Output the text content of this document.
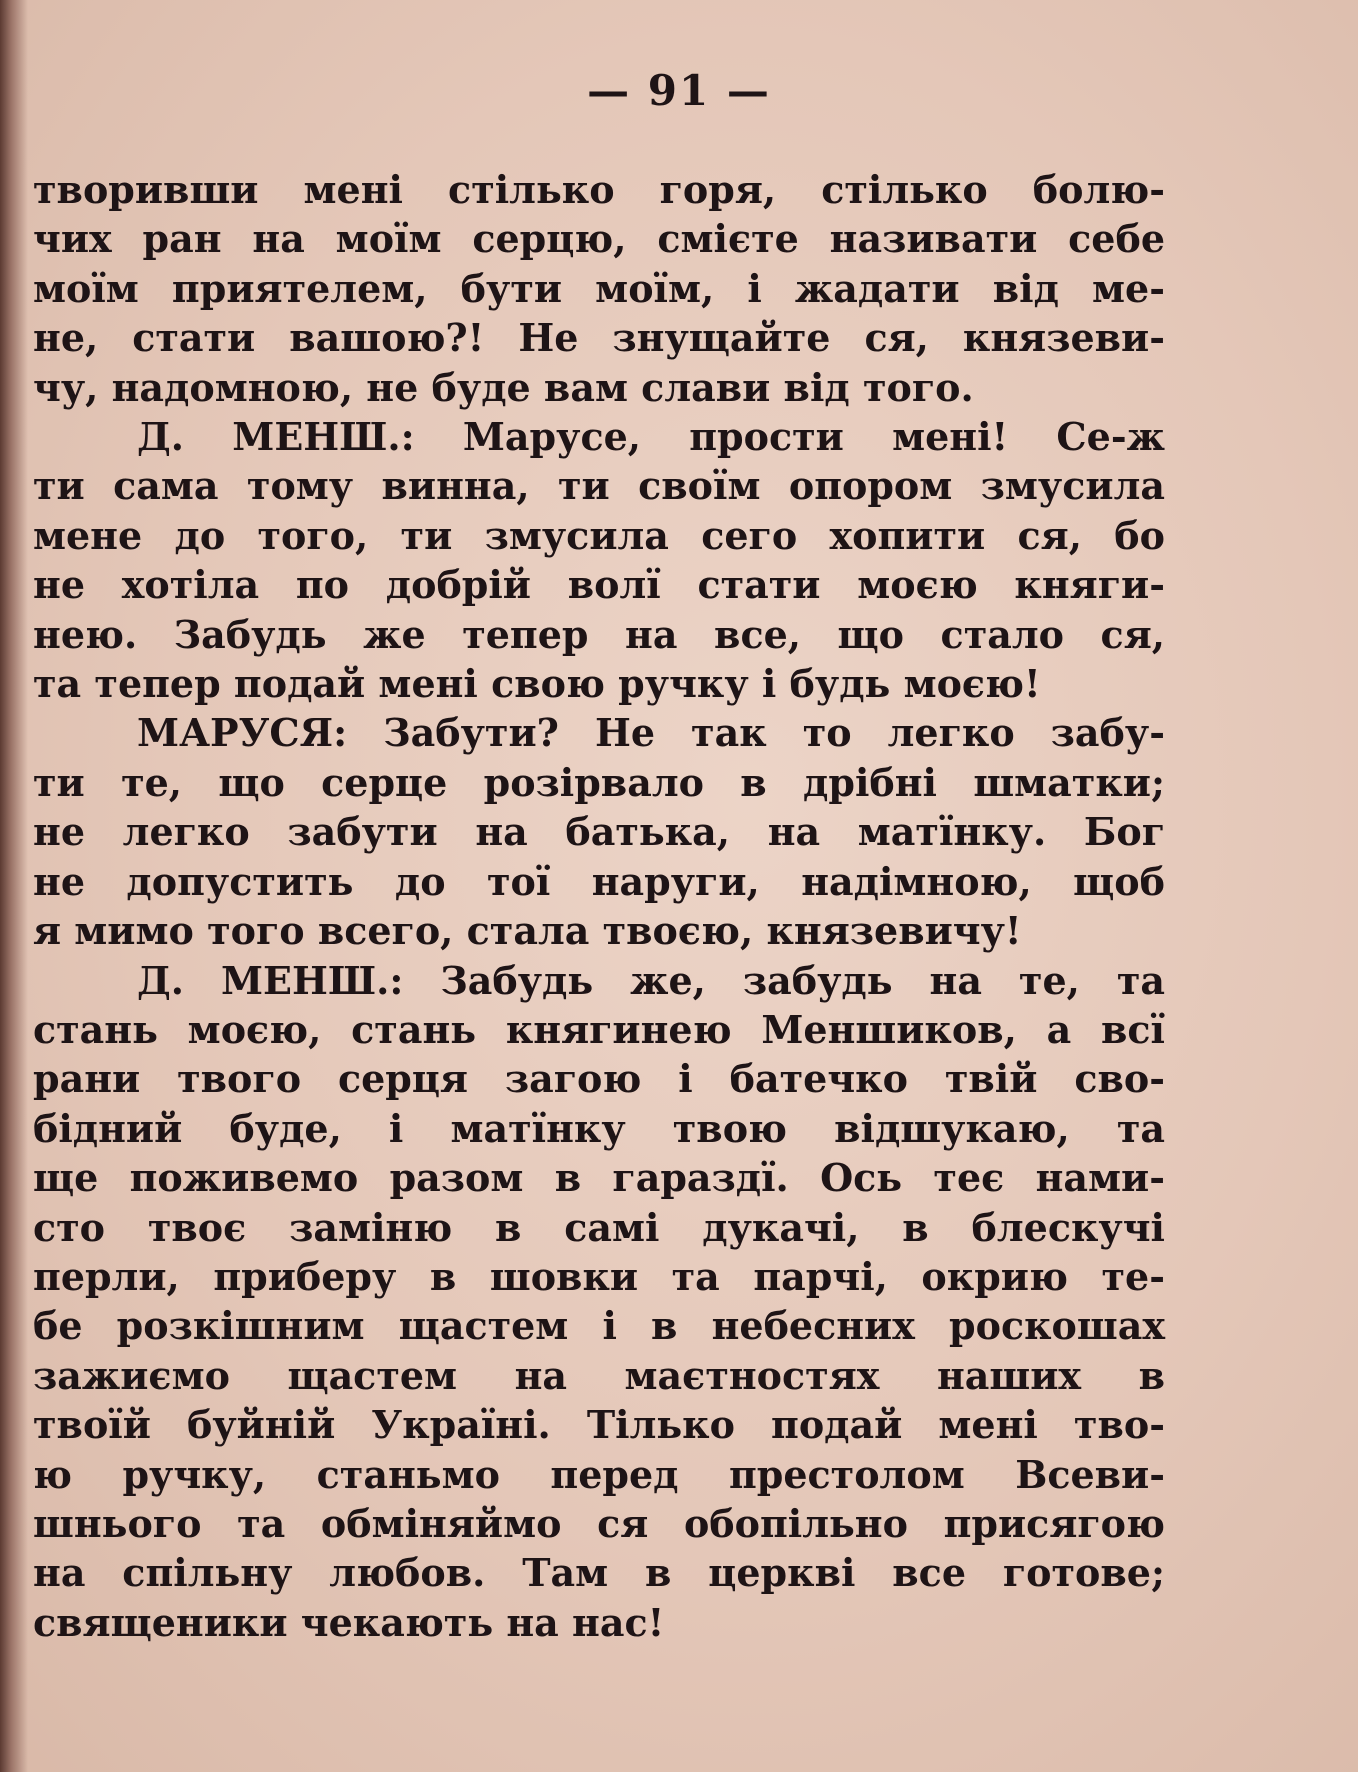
— 91 —
творивши мені стілько горя, стілько болю-
чих ран на моїм серцю, смієте називати себе
моїм приятелем, бути моїм, і жадати від ме-
не, стати вашою?! Не знущайте ся, князеви-
чу, надомною, не буде вам слави від того.
Д. МЕНШ.: Марусе, прости мені! Се-ж
ти сама тому винна, ти своїм опором змусила
мене до того, ти змусила сего хопити ся, бо
не хотіла по добрій волї стати моєю княги-
нею. Забудь же тепер на все, що стало ся,
та тепер подай мені свою ручку і будь моєю!
МАРУСЯ: Забути? Не так то легко забу-
ти те, що серце розірвало в дрібні шматки;
не легко забути на батька, на матїнку. Бог
не допустить до тої наруги, надімною, щоб
я мимо того всего, стала твоєю, князевичу!
Д. МЕНШ.: Забудь же, забудь на те, та
стань моєю, стань княгинею Меншиков, а всї
рани твого серця загою і батечко твій сво-
бідний буде, і матїнку твою відшукаю, та
ще поживемо разом в гараздї. Ось теє нами-
сто твоє заміню в самі дукачі, в блескучі
перли, приберу в шовки та парчі, окрию те-
бе розкішним щастем і в небесних роскошах
зажиємо щастем на маєтностях наших в
твоїй буйній Україні. Тілько подай мені тво-
ю ручку, станьмо перед престолом Всеви-
шнього та обміняймо ся обопільно присягою
на спільну любов. Там в церкві все готове;
священики чекають на нас!
